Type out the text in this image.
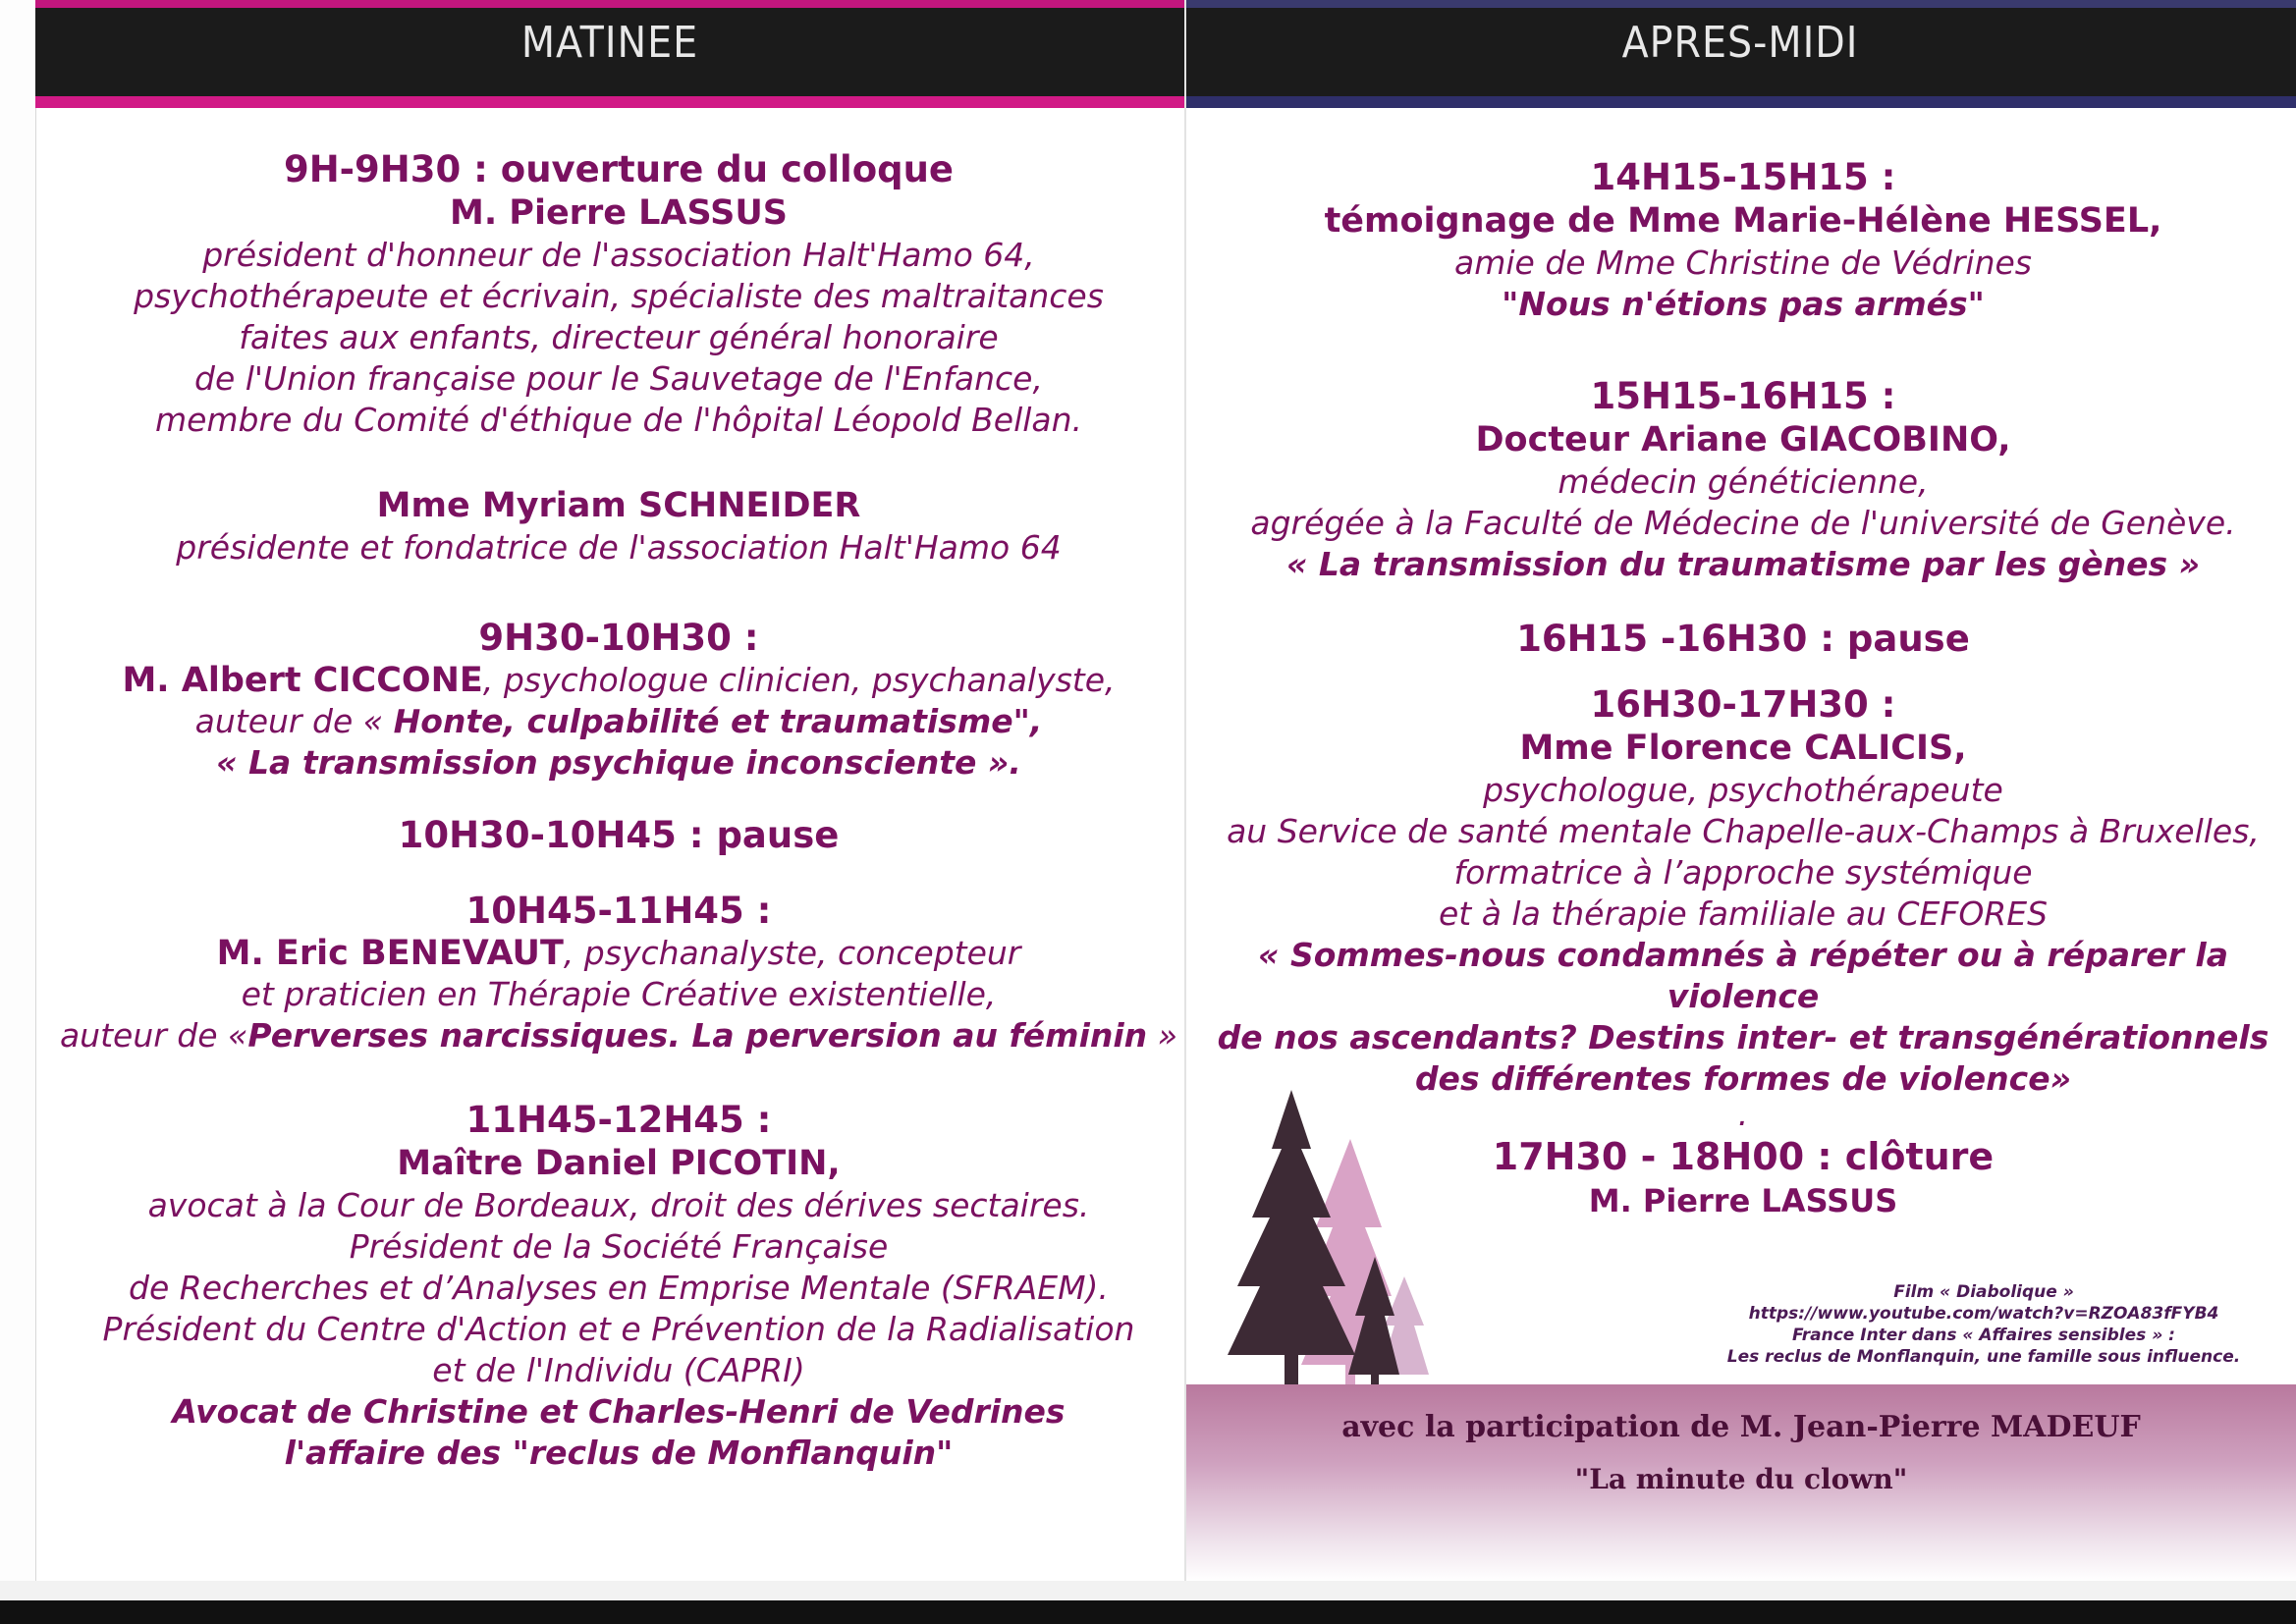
MATINEE	APRES-MIDI
9H-9H30 : ouverture du colloque
M. Pierre LASSUS
président d'honneur de l'association Halt'Hamo 64,
psychothérapeute et écrivain, spécialiste des maltraitances
faites aux enfants, directeur général honoraire
de l'Union française pour le Sauvetage de l'Enfance,
membre du Comité d'éthique de l'hôpital Léopold Bellan.
Mme Myriam SCHNEIDER
présidente et fondatrice de l'association Halt'Hamo 64
9H30-10H30 :
M. Albert CICCONE, psychologue clinicien, psychanalyste,
auteur de « Honte, culpabilité et traumatisme",
« La transmission psychique inconsciente ».
10H30-10H45 : pause
10H45-11H45 :
M. Eric BENEVAUT, psychanalyste, concepteur
et praticien en Thérapie Créative existentielle,
auteur de «Perverses narcissiques. La perversion au féminin »
11H45-12H45 :
Maître Daniel PICOTIN,
avocat à la Cour de Bordeaux, droit des dérives sectaires.
Président de la Société Française
de Recherches et d’Analyses en Emprise Mentale (SFRAEM).
Président du Centre d'Action et e Prévention de la Radialisation
et de l'Individu (CAPRI)
Avocat de Christine et Charles-Henri de Vedrines
l'affaire des "reclus de Monflanquin"
14H15-15H15 :
témoignage de Mme Marie-Hélène HESSEL,
amie de Mme Christine de Védrines
"Nous n'étions pas armés"
15H15-16H15 :
Docteur Ariane GIACOBINO,
médecin généticienne,
agrégée à la Faculté de Médecine de l'université de Genève.
« La transmission du traumatisme par les gènes »
16H15 -16H30 : pause
16H30-17H30 :
Mme Florence CALICIS,
psychologue, psychothérapeute
au Service de santé mentale Chapelle-aux-Champs à Bruxelles,
formatrice à l’approche systémique
et à la thérapie familiale au CEFORES
« Sommes-nous condamnés à répéter ou à réparer la violence
de nos ascendants? Destins inter- et transgénérationnels
des différentes formes de violence»
.
17H30 - 18H00 : clôture
M. Pierre LASSUS
Film « Diabolique »
https://www.youtube.com/watch?v=RZOA83fFYB4
France Inter dans « Affaires sensibles » :
Les reclus de Monflanquin, une famille sous influence.
avec la participation de M. Jean-Pierre MADEUF
"La minute du clown"
